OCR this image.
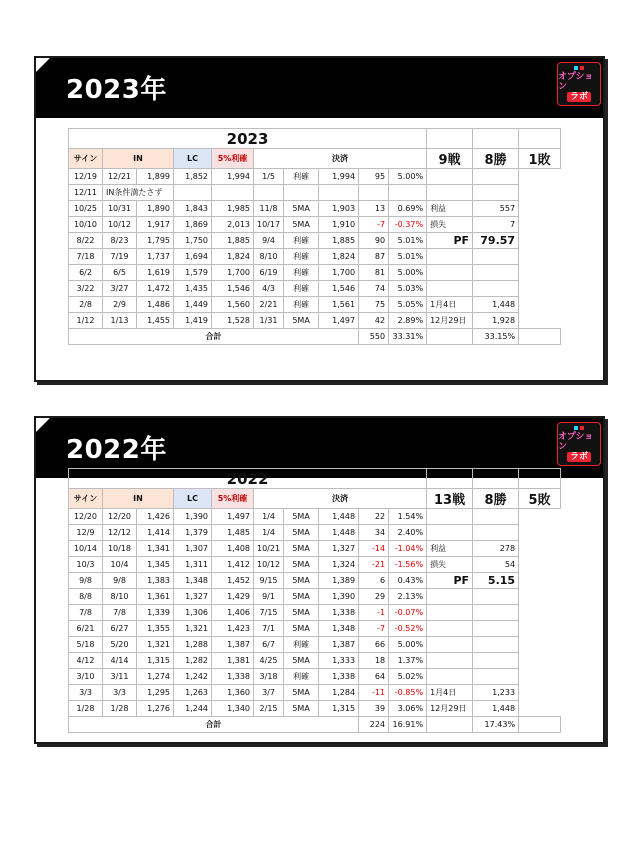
2023年	オプション
ラボ
2023												
サイン	IN		LC	5%利確	決済					9戦	8勝	1敗
12/19	12/21	1,899	1,852	1,994	1/5	利確	1,994	95	5.00%			
12/11	IN条件満たさず											
10/25	10/31	1,890	1,843	1,985	11/8	5MA	1,903	13	0.69%	利益	557	
10/10	10/12	1,917	1,869	2,013	10/17	5MA	1,910	-7	-0.37%	損失	7	
8/22	8/23	1,795	1,750	1,885	9/4	利確	1,885	90	5.01%	PF	79.57	
7/18	7/19	1,737	1,694	1,824	8/10	利確	1,824	87	5.01%			
6/2	6/5	1,619	1,579	1,700	6/19	利確	1,700	81	5.00%			
3/22	3/27	1,472	1,435	1,546	4/3	利確	1,546	74	5.03%			
2/8	2/9	1,486	1,449	1,560	2/21	利確	1,561	75	5.05%	1月4日	1,448	
1/12	1/13	1,455	1,419	1,528	1/31	5MA	1,497	42	2.89%	12月29日	1,928	
合計								550	33.31%		33.15%	
2022年	オプション
ラボ
2022												
サイン	IN		LC	5%利確	決済					13戦	8勝	5敗
12/20	12/20	1,426	1,390	1,497	1/4	5MA	1,448	22	1.54%			
12/9	12/12	1,414	1,379	1,485	1/4	5MA	1,448	34	2.40%			
10/14	10/18	1,341	1,307	1,408	10/21	5MA	1,327	-14	-1.04%	利益	278	
10/3	10/4	1,345	1,311	1,412	10/12	5MA	1,324	-21	-1.56%	損失	54	
9/8	9/8	1,383	1,348	1,452	9/15	5MA	1,389	6	0.43%	PF	5.15	
8/8	8/10	1,361	1,327	1,429	9/1	5MA	1,390	29	2.13%			
7/8	7/8	1,339	1,306	1,406	7/15	5MA	1,338	-1	-0.07%			
6/21	6/27	1,355	1,321	1,423	7/1	5MA	1,348	-7	-0.52%			
5/18	5/20	1,321	1,288	1,387	6/7	利確	1,387	66	5.00%			
4/12	4/14	1,315	1,282	1,381	4/25	5MA	1,333	18	1.37%			
3/10	3/11	1,274	1,242	1,338	3/18	利確	1,338	64	5.02%			
3/3	3/3	1,295	1,263	1,360	3/7	5MA	1,284	-11	-0.85%	1月4日	1,233	
1/28	1/28	1,276	1,244	1,340	2/15	5MA	1,315	39	3.06%	12月29日	1,448	
合計								224	16.91%		17.43%	
